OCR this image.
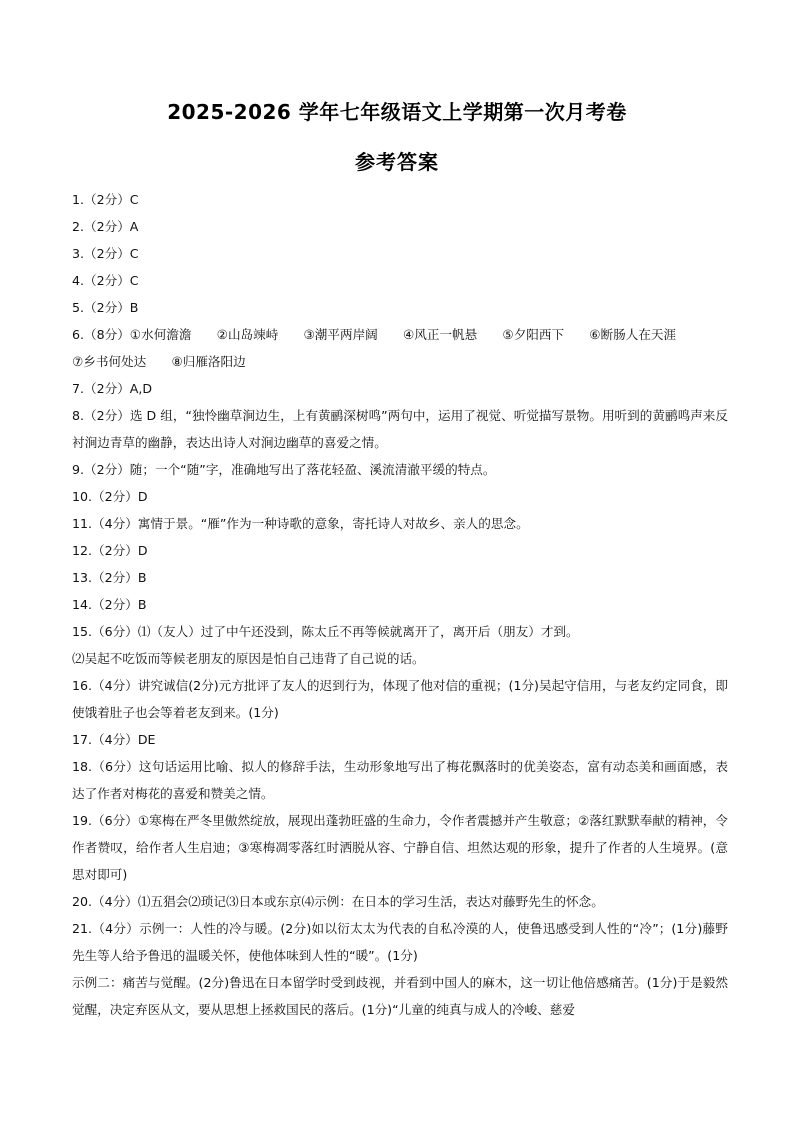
2025-2026 学年七年级语文上学期第一次月考卷
参考答案
1.（2分）C
2.（2分）A
3.（2分）C
4.（2分）C
5.（2分）B
6.（8分）①水何澹澹　　②山岛竦峙　　③潮平两岸阔　　④风正一帆悬　　⑤夕阳西下　　⑥断肠人在天涯
⑦乡书何处达　　⑧归雁洛阳边
7.（2分）A,D
8.（2分）选 D 组，“独怜幽草涧边生，上有黄鹂深树鸣”两句中，运用了视觉、听觉描写景物。用听到的黄鹂鸣声来反衬涧边青草的幽静，表达出诗人对涧边幽草的喜爱之情。
9.（2分）随；一个“随”字，准确地写出了落花轻盈、溪流清澈平缓的特点。
10.（2分）D
11.（4分）寓情于景。“雁”作为一种诗歌的意象，寄托诗人对故乡、亲人的思念。
12.（2分）D
13.（2分）B
14.（2分）B
15.（6分）⑴（友人）过了中午还没到，陈太丘不再等候就离开了，离开后（朋友）才到。
⑵吴起不吃饭而等候老朋友的原因是怕自己违背了自己说的话。
16.（4分）讲究诚信(2分)元方批评了友人的迟到行为，体现了他对信的重视；(1分)吴起守信用，与老友约定同食，即使饿着肚子也会等着老友到来。(1分)
17.（4分）DE
18.（6分）这句话运用比喻、拟人的修辞手法，生动形象地写出了梅花飘落时的优美姿态，富有动态美和画面感，表达了作者对梅花的喜爱和赞美之情。
19.（6分）①寒梅在严冬里傲然绽放，展现出蓬勃旺盛的生命力，令作者震撼并产生敬意；②落红默默奉献的精神，令作者赞叹，给作者人生启迪；③寒梅凋零落红时洒脱从容、宁静自信、坦然达观的形象，提升了作者的人生境界。(意思对即可)
20.（4分）⑴五猖会⑵琐记⑶日本或东京⑷示例：在日本的学习生活，表达对藤野先生的怀念。
21.（4分）示例一：人性的冷与暖。(2分)如以衍太太为代表的自私冷漠的人，使鲁迅感受到人性的“冷”；(1分)藤野先生等人给予鲁迅的温暖关怀，使他体味到人性的“暖”。(1分)
示例二：痛苦与觉醒。(2分)鲁迅在日本留学时受到歧视，并看到中国人的麻木，这一切让他倍感痛苦。(1分)于是毅然觉醒，决定弃医从文，要从思想上拯救国民的落后。(1分)“儿童的纯真与成人的冷峻、慈爱
